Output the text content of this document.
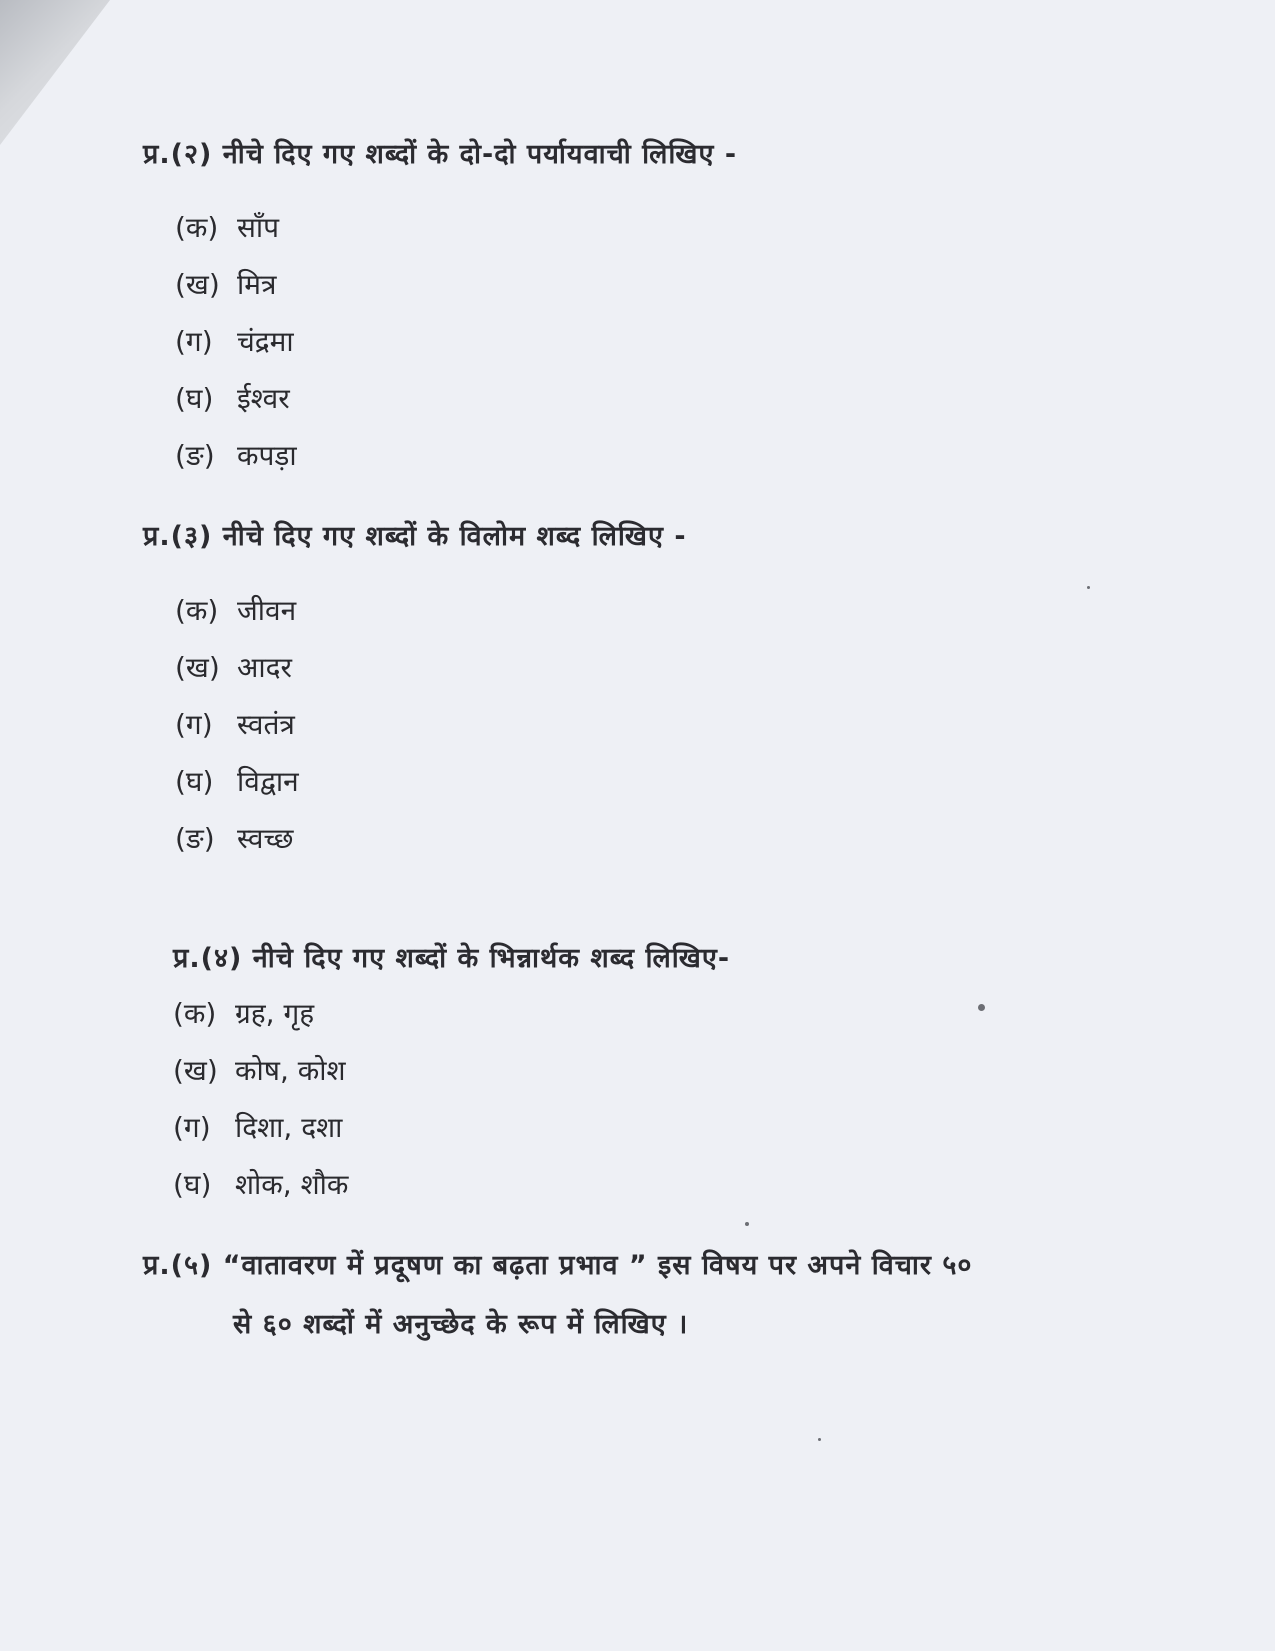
प्र.(२) नीचे दिए गए शब्दों के दो-दो पर्यायवाची लिखिए -
(क) साँप
(ख) मित्र
(ग) चंद्रमा
(घ) ईश्वर
(ङ) कपड़ा
प्र.(३) नीचे दिए गए शब्दों के विलोम शब्द लिखिए -
(क) जीवन
(ख) आदर
(ग) स्वतंत्र
(घ) विद्वान
(ङ) स्वच्छ
प्र.(४) नीचे दिए गए शब्दों के भिन्नार्थक शब्द लिखिए-
(क) ग्रह, गृह
(ख) कोष, कोश
(ग) दिशा, दशा
(घ) शोक, शौक

प्र.(५) “वातावरण में प्रदूषण का बढ़ता प्रभाव ” इस विषय पर अपने विचार ५०
से ६० शब्दों में अनुच्छेद के रूप में लिखिए ।
